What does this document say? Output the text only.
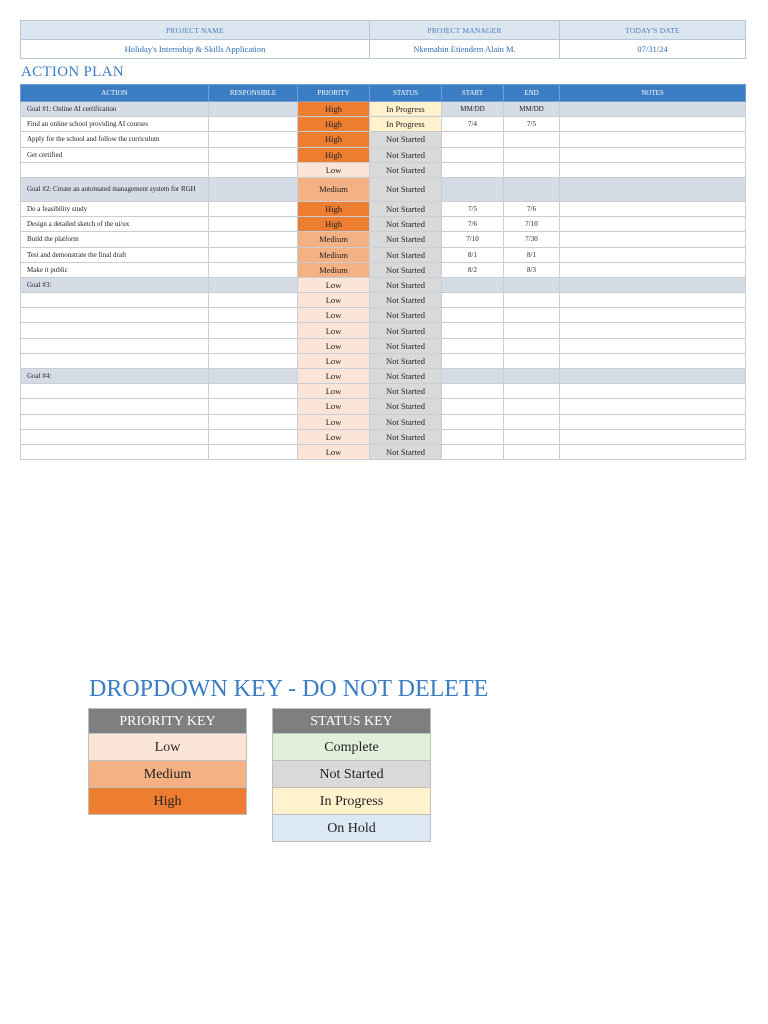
PROJECT NAME	PROJECT MANAGER	TODAY'S DATE
Holiday's Internship & Skills Application	Nkemabin Etiendem Alain M.	07/31/24
ACTION PLAN
ACTION	RESPONSIBLE	PRIORITY	STATUS	START	END	NOTES
Goal #1: Online AI certification		High	In Progress	MM/DD	MM/DD	
Find an online school providing AI courses		High	In Progress	7/4	7/5	
Apply for the school and follow the curriculum		High	Not Started			
Get certified		High	Not Started			
		Low	Not Started			
Goal #2: Create an automated management system for RGH		Medium	Not Started			
Do a feasibility study		High	Not Started	7/5	7/6	
Design a detailed sketch of the ui/ux		High	Not Started	7/6	7/10	
Build the platform		Medium	Not Started	7/10	7/30	
Test and demonstrate the final draft		Medium	Not Started	8/1	8/1	
Make it public		Medium	Not Started	8/2	8/3	
Goal #3:		Low	Not Started			
		Low	Not Started			
		Low	Not Started			
		Low	Not Started			
		Low	Not Started			
		Low	Not Started			
Goal #4:		Low	Not Started			
		Low	Not Started			
		Low	Not Started			
		Low	Not Started			
		Low	Not Started			
		Low	Not Started			
DROPDOWN KEY - DO NOT DELETE
PRIORITY KEY
Low
Medium
High
STATUS KEY
Complete
Not Started
In Progress
On Hold
